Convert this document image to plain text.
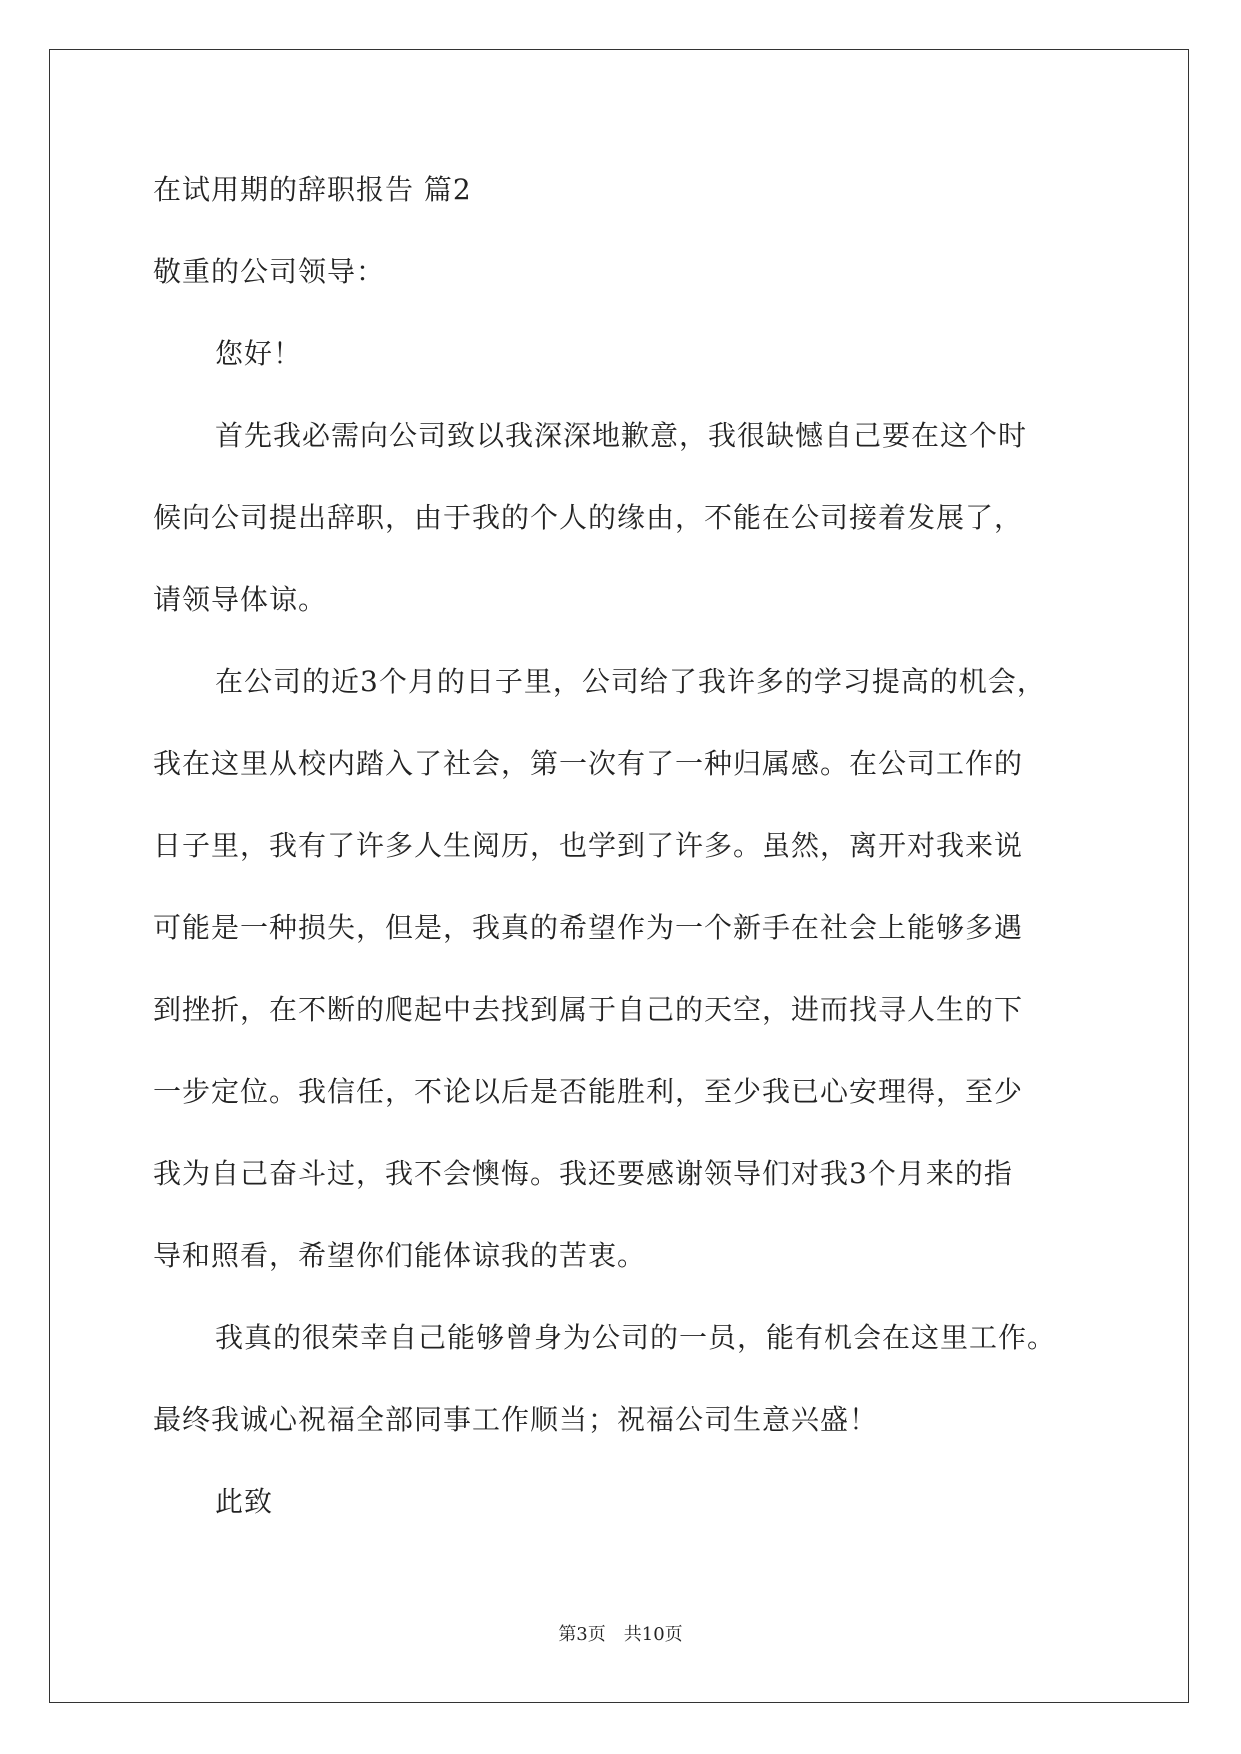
在试用期的辞职报告 篇2
敬重的公司领导：
您好！
首先我必需向公司致以我深深地歉意，我很缺憾自己要在这个时
候向公司提出辞职，由于我的个人的缘由，不能在公司接着发展了，
请领导体谅。
在公司的近3个月的日子里，公司给了我许多的学习提高的机会，
我在这里从校内踏入了社会，第一次有了一种归属感。在公司工作的
日子里，我有了许多人生阅历，也学到了许多。虽然，离开对我来说
可能是一种损失，但是，我真的希望作为一个新手在社会上能够多遇
到挫折，在不断的爬起中去找到属于自己的天空，进而找寻人生的下
一步定位。我信任，不论以后是否能胜利，至少我已心安理得，至少
我为自己奋斗过，我不会懊悔。我还要感谢领导们对我3个月来的指
导和照看，希望你们能体谅我的苦衷。
我真的很荣幸自己能够曾身为公司的一员，能有机会在这里工作。
最终我诚心祝福全部同事工作顺当；祝福公司生意兴盛！
此致
第3页　共10页
